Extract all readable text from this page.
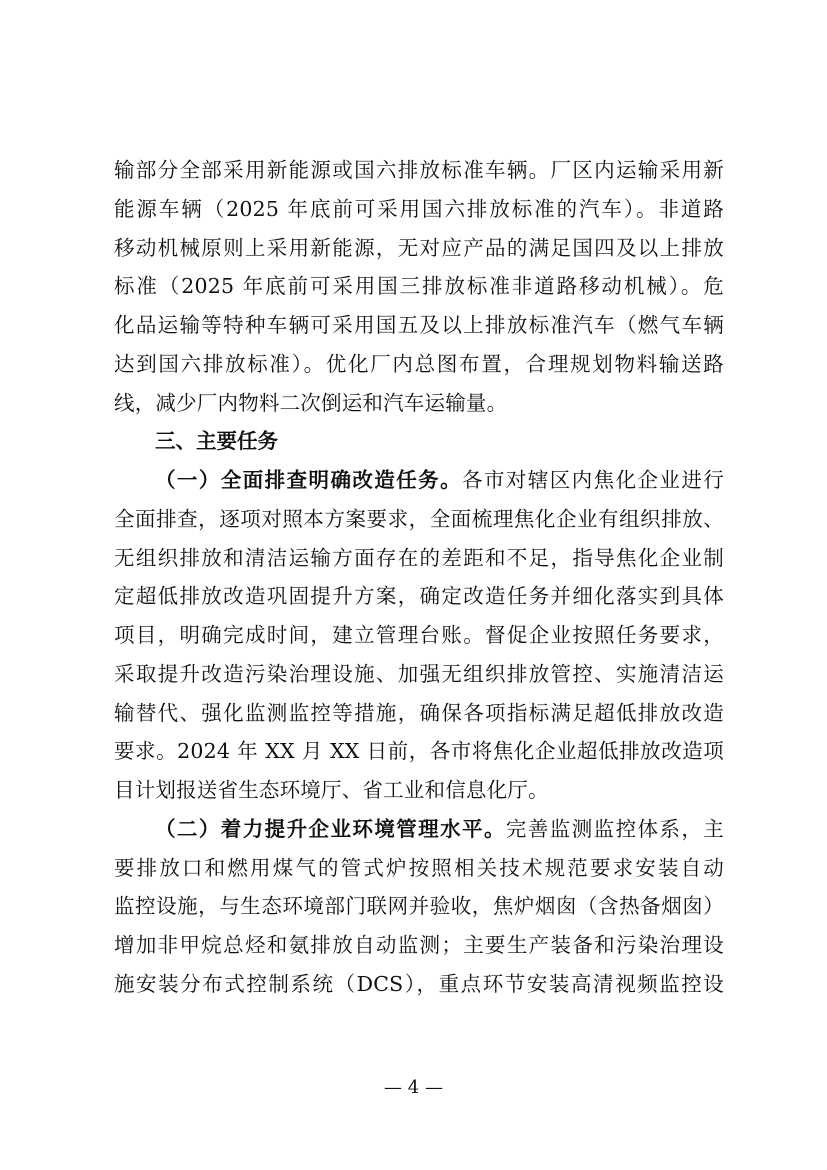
输部分全部采用新能源或国六排放标准车辆。厂区内运输采用新
能源车辆（2025 年底前可采用国六排放标准的汽车）。非道路
移动机械原则上采用新能源，无对应产品的满足国四及以上排放
标准（2025 年底前可采用国三排放标准非道路移动机械）。危
化品运输等特种车辆可采用国五及以上排放标准汽车（燃气车辆
达到国六排放标准）。优化厂内总图布置，合理规划物料输送路
线，减少厂内物料二次倒运和汽车运输量。
三、主要任务
（一）全面排查明确改造任务。各市对辖区内焦化企业进行
全面排查，逐项对照本方案要求，全面梳理焦化企业有组织排放、
无组织排放和清洁运输方面存在的差距和不足，指导焦化企业制
定超低排放改造巩固提升方案，确定改造任务并细化落实到具体
项目，明确完成时间，建立管理台账。督促企业按照任务要求，
采取提升改造污染治理设施、加强无组织排放管控、实施清洁运
输替代、强化监测监控等措施，确保各项指标满足超低排放改造
要求。2024 年 XX 月 XX 日前，各市将焦化企业超低排放改造项
目计划报送省生态环境厅、省工业和信息化厅。
（二）着力提升企业环境管理水平。完善监测监控体系，主
要排放口和燃用煤气的管式炉按照相关技术规范要求安装自动
监控设施，与生态环境部门联网并验收，焦炉烟囱（含热备烟囱）
增加非甲烷总烃和氨排放自动监测；主要生产装备和污染治理设
施安装分布式控制系统（DCS），重点环节安装高清视频监控设
— 4 —
